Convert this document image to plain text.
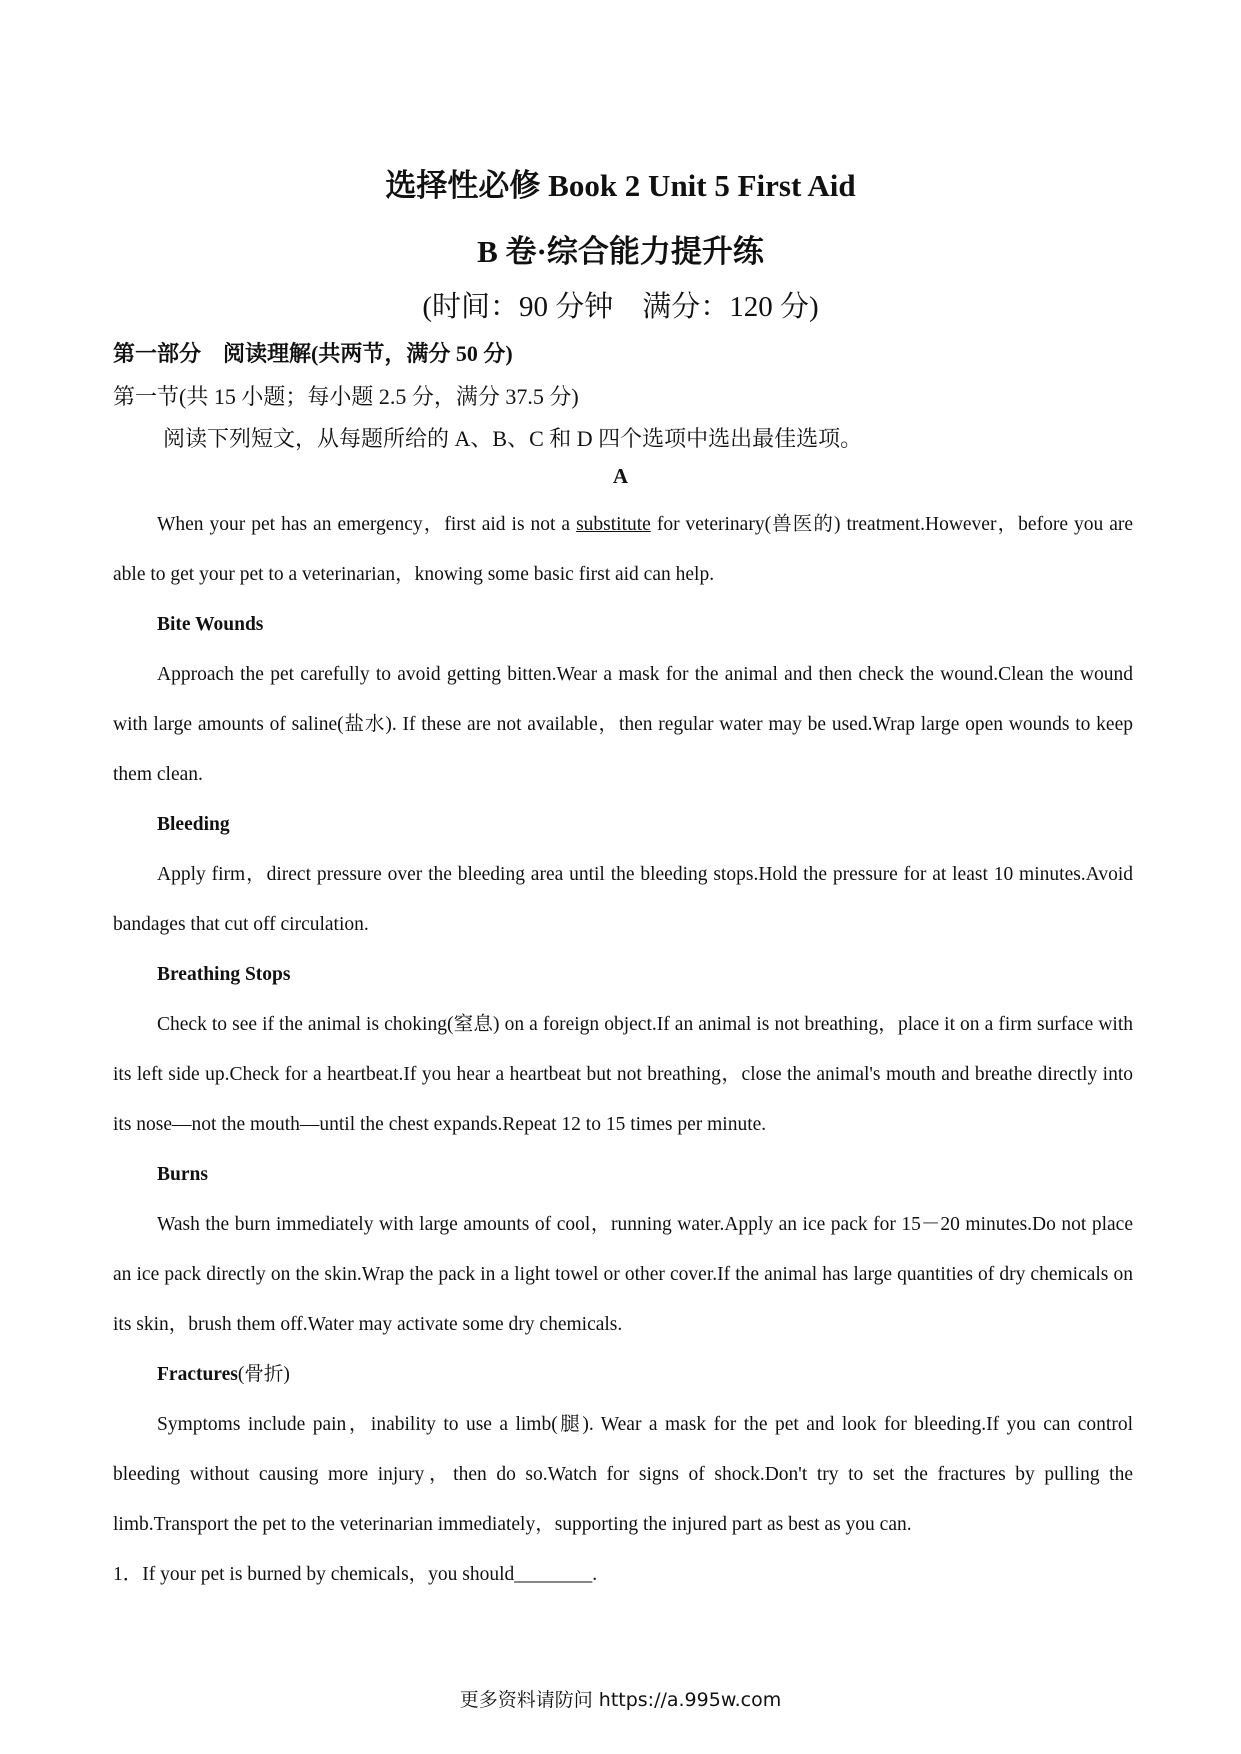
选择性必修 Book 2 Unit 5 First Aid
B 卷·综合能力提升练
(时间：90 分钟    满分：120 分)
第一部分    阅读理解(共两节，满分 50 分)
第一节(共 15 小题；每小题 2.5 分，满分 37.5 分)
阅读下列短文，从每题所给的 A、B、C 和 D 四个选项中选出最佳选项。
A

When your pet has an emergency，first aid is not a substitute for veterinary(兽医的) treatment.However，before you are able to get your pet to a veterinarian，knowing some basic first aid can help.

Bite Wounds

Approach the pet carefully to avoid getting bitten.Wear a mask for the animal and then check the wound.Clean the wound with large amounts of saline(盐水). If these are not available，then regular water may be used.Wrap large open wounds to keep them clean.

Bleeding

Apply firm，direct pressure over the bleeding area until the bleeding stops.Hold the pressure for at least 10 minutes.Avoid bandages that cut off circulation.

Breathing Stops

Check to see if the animal is choking(窒息) on a foreign object.If an animal is not breathing，place it on a firm surface with its left side up.Check for a heartbeat.If you hear a heartbeat but not breathing，close the animal's mouth and breathe directly into its nose—not the mouth—until the chest expands.Repeat 12 to 15 times per minute.

Burns

Wash the burn immediately with large amounts of cool，running water.Apply an ice pack for 15－20 minutes.Do not place an ice pack directly on the skin.Wrap the pack in a light towel or other cover.If the animal has large quantities of dry chemicals on its skin，brush them off.Water may activate some dry chemicals.

Fractures(骨折)

Symptoms include pain，inability to use a limb(腿). Wear a mask for the pet and look for bleeding.If you can control bleeding without causing more injury，then do so.Watch for signs of shock.Don't try to set the fractures by pulling the limb.Transport the pet to the veterinarian immediately，supporting the injured part as best as you can.

1．If your pet is burned by chemicals，you should________.

更多资料请防问 https://a.995w.com
